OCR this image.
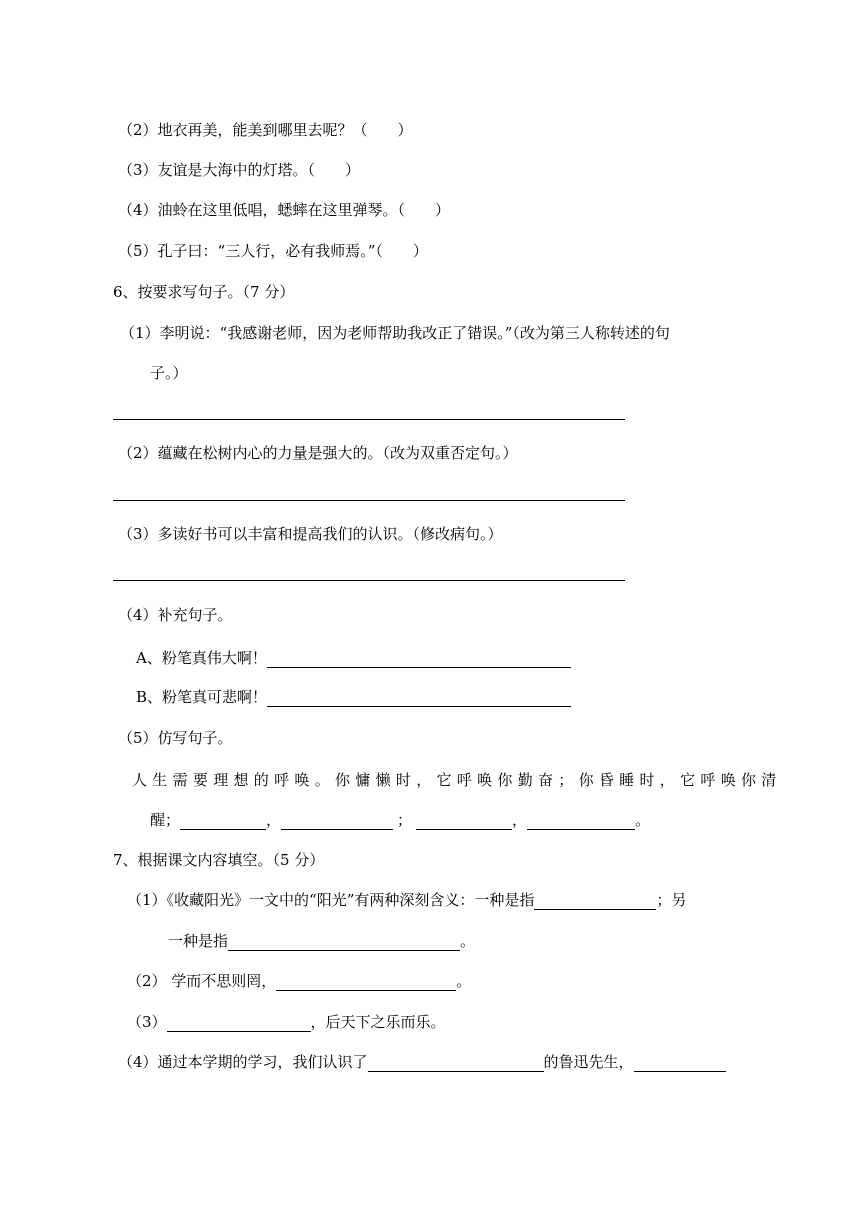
（2）地衣再美，能美到哪里去呢？（　　）
（3）友谊是大海中的灯塔。（　　）
（4）油蛉在这里低唱，蟋蟀在这里弹琴。（　　）
（5）孔子曰：“三人行，必有我师焉。”（　　）
6、按要求写句子。（7 分）
（1）李明说：“我感谢老师，因为老师帮助我改正了错误。”（改为第三人称转述的句
子。）
（2）蕴藏在松树内心的力量是强大的。（改为双重否定句。）
（3）多读好书可以丰富和提高我们的认识。（修改病句。）
（4）补充句子。
A、粉笔真伟大啊！
B、粉笔真可悲啊！
（5）仿写句子。
人生需要理想的呼唤。你慵懒时，它呼唤你勤奋；你昏睡时，它呼唤你清
醒；	，	；	，	。
7、根据课文内容填空。（5 分）
（1）《收藏阳光》一文中的“阳光”有两种深刻含义：一种是指	；另
一种是指	。
（2） 学而不思则罔，	。
（3）	，后天下之乐而乐。
（4）通过本学期的学习，我们认识了	的鲁迅先生，
